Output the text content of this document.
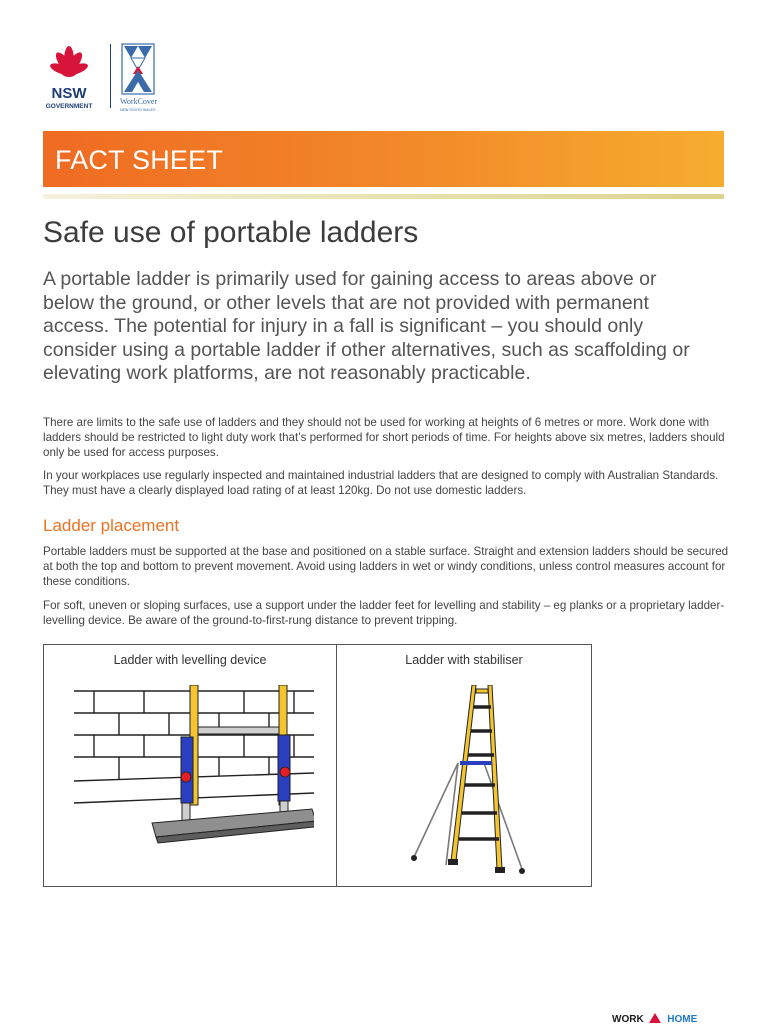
NSW
GOVERNMENT
WorkCover
NEW SOUTH WALES
FACT SHEET
Safe use of portable ladders

A portable ladder is primarily used for gaining access to areas above or below the ground, or other levels that are not provided with permanent access. The potential for injury in a fall is significant – you should only consider using a portable ladder if other alternatives, such as scaffolding or elevating work platforms, are not reasonably practicable.

There are limits to the safe use of ladders and they should not be used for working at heights of 6 metres or more. Work done with ladders should be restricted to light duty work that’s performed for short periods of time. For heights above six metres, ladders should only be used for access purposes.

In your workplaces use regularly inspected and maintained industrial ladders that are designed to comply with Australian Standards. They must have a clearly displayed load rating of at least 120kg. Do not use domestic ladders.

Ladder placement

Portable ladders must be supported at the base and positioned on a stable surface. Straight and extension ladders should be secured at both the top and bottom to prevent movement. Avoid using ladders in wet or windy conditions, unless control measures account for these conditions.

For soft, uneven or sloping surfaces, use a support under the ladder feet for levelling and stability – eg planks or a proprietary ladder-levelling device. Be aware of the ground-to-first-rung distance to prevent tripping.

Ladder with levelling device	Ladder with stabiliser
WORK HOME
